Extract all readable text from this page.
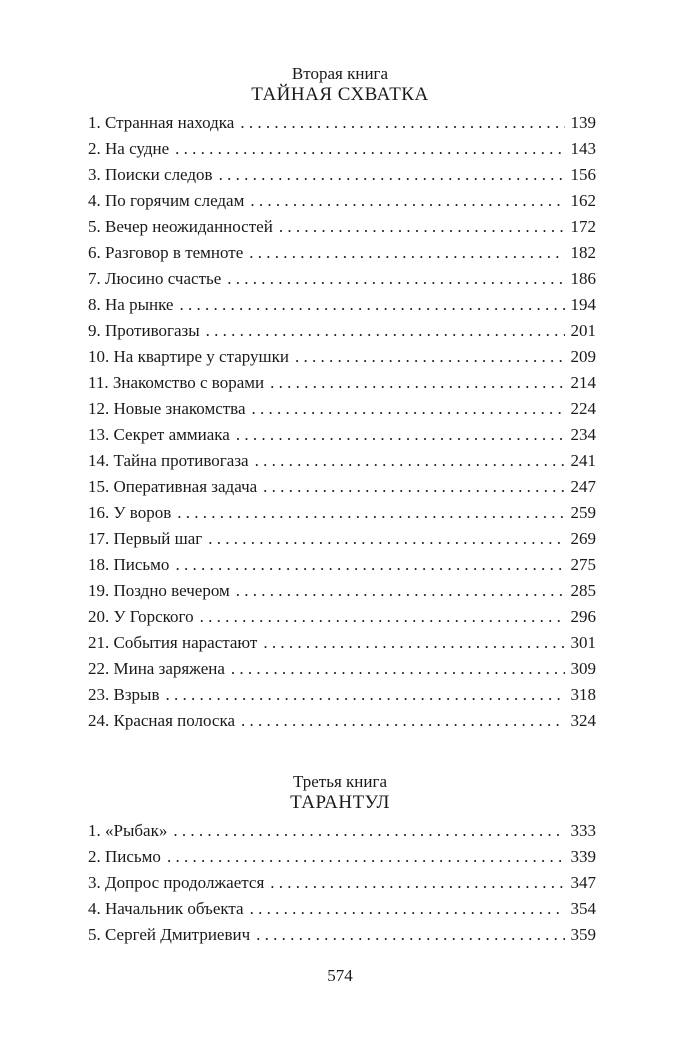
Вторая книга
ТАЙНАЯ СХВАТКА
1. Странная находка . . .	139
2. На судне . . .	143
3. Поиски следов . . .	156
4. По горячим следам . . .	162
5. Вечер неожиданностей . . .	172
6. Разговор в темноте . . .	182
7. Люсино счастье . . .	186
8. На рынке . . .	194
9. Противогазы . . .	201
10. На квартире у старушки . . .	209
11. Знакомство с ворами . . .	214
12. Новые знакомства . . .	224
13. Секрет аммиака . . .	234
14. Тайна противогаза . . .	241
15. Оперативная задача . . .	247
16. У воров . . .	259
17. Первый шаг . . .	269
18. Письмо . . .	275
19. Поздно вечером . . .	285
20. У Горского . . .	296
21. События нарастают . . .	301
22. Мина заряжена . . .	309
23. Взрыв . . .	318
24. Красная полоска . . .	324
Третья книга
ТАРАНТУЛ
1. «Рыбак» . . .	333
2. Письмо . . .	339
3. Допрос продолжается . . .	347
4. Начальник объекта . . .	354
5. Сергей Дмитриевич . . .	359
574
